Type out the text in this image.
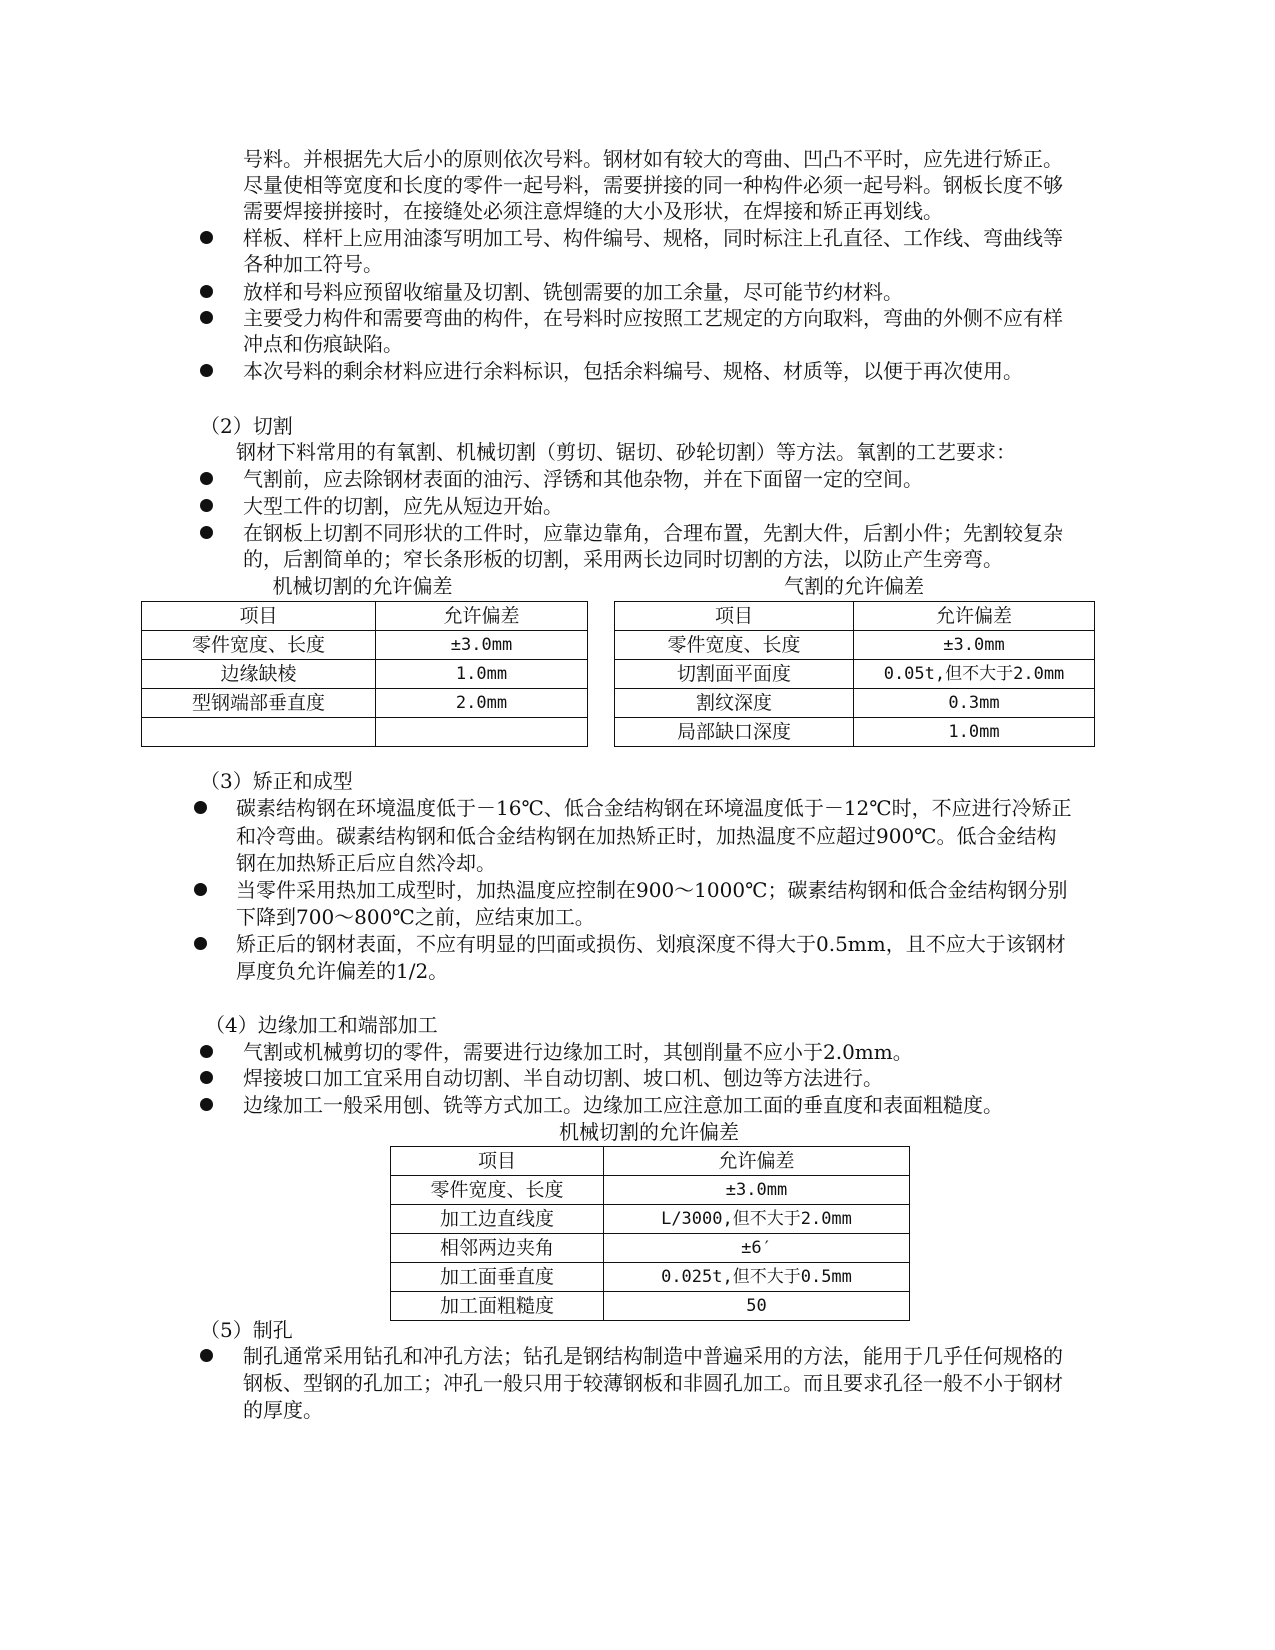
号料。并根据先大后小的原则依次号料。钢材如有较大的弯曲、凹凸不平时，应先进行矫正。
尽量使相等宽度和长度的零件一起号料，需要拼接的同一种构件必须一起号料。钢板长度不够
需要焊接拼接时，在接缝处必须注意焊缝的大小及形状，在焊接和矫正再划线。
样板、样杆上应用油漆写明加工号、构件编号、规格，同时标注上孔直径、工作线、弯曲线等
各种加工符号。
放样和号料应预留收缩量及切割、铣刨需要的加工余量，尽可能节约材料。
主要受力构件和需要弯曲的构件，在号料时应按照工艺规定的方向取料，弯曲的外侧不应有样
冲点和伤痕缺陷。
本次号料的剩余材料应进行余料标识，包括余料编号、规格、材质等，以便于再次使用。
（2）切割
钢材下料常用的有氧割、机械切割（剪切、锯切、砂轮切割）等方法。氧割的工艺要求：
气割前，应去除钢材表面的油污、浮锈和其他杂物，并在下面留一定的空间。
大型工件的切割，应先从短边开始。
在钢板上切割不同形状的工件时，应靠边靠角，合理布置，先割大件，后割小件；先割较复杂
的，后割简单的；窄长条形板的切割，采用两长边同时切割的方法，以防止产生旁弯。
机械切割的允许偏差	气割的允许偏差
项目	允许偏差
零件宽度、长度	±3.0mm
边缘缺棱	1.0mm
型钢端部垂直度	2.0mm

项目	允许偏差
零件宽度、长度	±3.0mm
切割面平面度	0.05t,但不大于2.0mm
割纹深度	0.3mm
局部缺口深度	1.0mm
（3）矫正和成型
碳素结构钢在环境温度低于－16℃、低合金结构钢在环境温度低于－12℃时，不应进行冷矫正
和冷弯曲。碳素结构钢和低合金结构钢在加热矫正时，加热温度不应超过900℃。低合金结构
钢在加热矫正后应自然冷却。
当零件采用热加工成型时，加热温度应控制在900～1000℃；碳素结构钢和低合金结构钢分别
下降到700～800℃之前，应结束加工。
矫正后的钢材表面，不应有明显的凹面或损伤、划痕深度不得大于0.5mm，且不应大于该钢材
厚度负允许偏差的1/2。
（4）边缘加工和端部加工
气割或机械剪切的零件，需要进行边缘加工时，其刨削量不应小于2.0mm。
焊接坡口加工宜采用自动切割、半自动切割、坡口机、刨边等方法进行。
边缘加工一般采用刨、铣等方式加工。边缘加工应注意加工面的垂直度和表面粗糙度。
机械切割的允许偏差
项目	允许偏差
零件宽度、长度	±3.0mm
加工边直线度	L/3000,但不大于2.0mm
相邻两边夹角	±6′
加工面垂直度	0.025t,但不大于0.5mm
加工面粗糙度	50
（5）制孔
制孔通常采用钻孔和冲孔方法；钻孔是钢结构制造中普遍采用的方法，能用于几乎任何规格的
钢板、型钢的孔加工；冲孔一般只用于较薄钢板和非圆孔加工。而且要求孔径一般不小于钢材
的厚度。
